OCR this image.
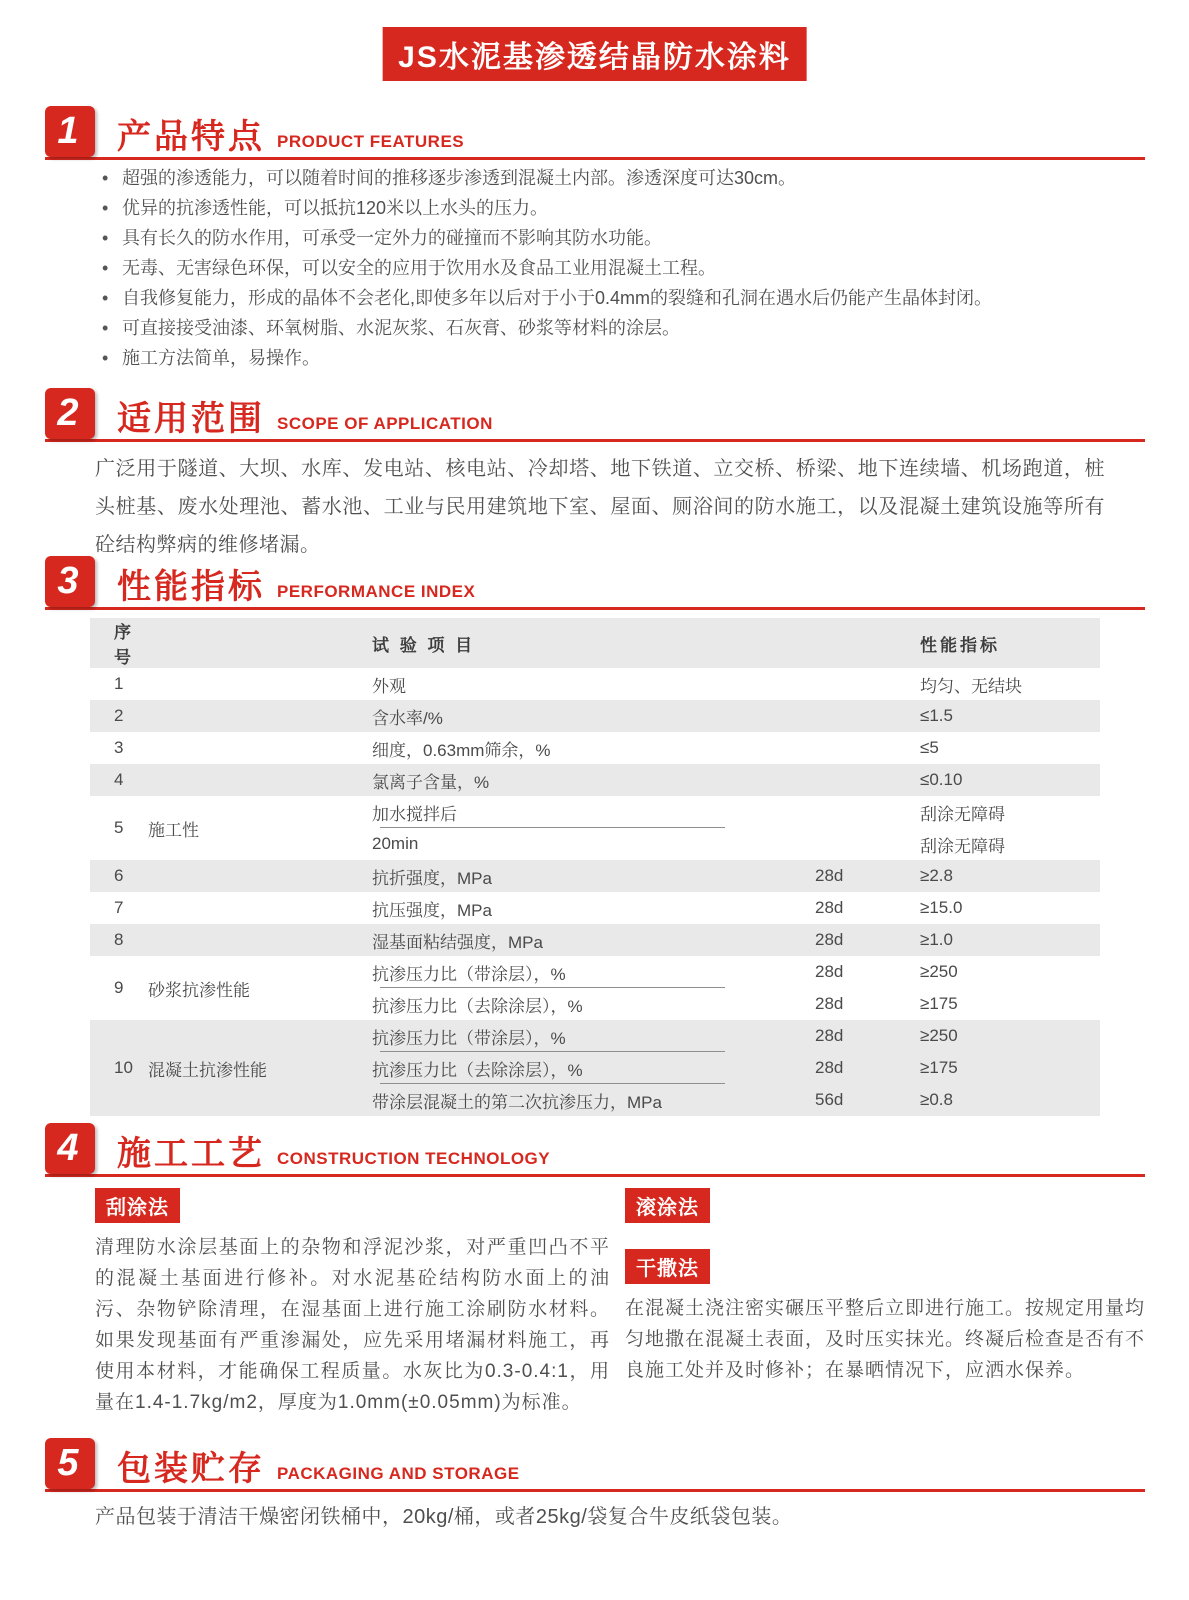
JS水泥基渗透结晶防水涂料
1	产品特点 PRODUCT FEATURES
• 超强的渗透能力，可以随着时间的推移逐步渗透到混凝土内部。渗透深度可达30cm。
• 优异的抗渗透性能，可以抵抗120米以上水头的压力。
• 具有长久的防水作用，可承受一定外力的碰撞而不影响其防水功能。
• 无毒、无害绿色环保，可以安全的应用于饮用水及食品工业用混凝土工程。
• 自我修复能力，形成的晶体不会老化,即使多年以后对于小于0.4mm的裂缝和孔洞在遇水后仍能产生晶体封闭。
• 可直接接受油漆、环氧树脂、水泥灰浆、石灰膏、砂浆等材料的涂层。
• 施工方法简单，易操作。
2	适用范围 SCOPE OF APPLICATION
广泛用于隧道、大坝、水库、发电站、核电站、冷却塔、地下铁道、立交桥、桥梁、地下连续墙、机场跑道，桩头桩基、废水处理池、蓄水池、工业与民用建筑地下室、屋面、厕浴间的防水施工，以及混凝土建筑设施等所有砼结构弊病的维修堵漏。
3	性能指标 PERFORMANCE INDEX
序号
试 验 项 目	性能指标
1	外观	均匀、无结块
2	含水率/%	≤1.5
3	细度，0.63mm筛余，%	≤5
4	氯离子含量，%	≤0.10
5	施工性
加水搅拌后	刮涂无障碍
20min	刮涂无障碍
6	抗折强度，MPa	28d	≥2.8
7	抗压强度，MPa	28d	≥15.0
8	湿基面粘结强度，MPa	28d	≥1.0
9	砂浆抗渗性能
抗渗压力比（带涂层），%	28d	≥250
抗渗压力比（去除涂层），%	28d	≥175
10 混凝土抗渗性能
抗渗压力比（带涂层），%	28d	≥250
抗渗压力比（去除涂层），%	28d	≥175
带涂层混凝土的第二次抗渗压力，MPa	56d	≥0.8
4	施工工艺 CONSTRUCTION TECHNOLOGY
刮涂法
清理防水涂层基面上的杂物和浮泥沙浆，对严重凹凸不平的混凝土基面进行修补。对水泥基砼结构防水面上的油污、杂物铲除清理，在湿基面上进行施工涂刷防水材料。如果发现基面有严重渗漏处，应先采用堵漏材料施工，再使用本材料，才能确保工程质量。水灰比为0.3-0.4:1，用量在1.4-1.7kg/m2，厚度为1.0mm(±0.05mm)为标准。
滚涂法
干撒法
在混凝土浇注密实碾压平整后立即进行施工。按规定用量均匀地撒在混凝土表面，及时压实抹光。终凝后检查是否有不良施工处并及时修补；在暴晒情况下，应洒水保养。
5	包装贮存 PACKAGING AND STORAGE
产品包装于清洁干燥密闭铁桶中，20kg/桶，或者25kg/袋复合牛皮纸袋包装。
